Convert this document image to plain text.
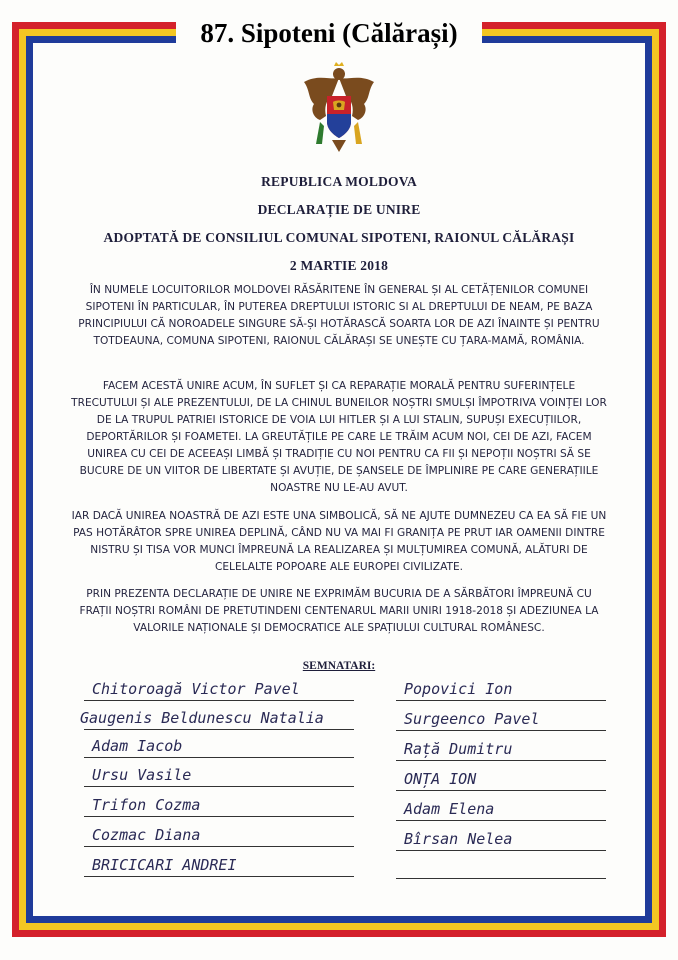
87. Sipoteni (Călărași)
REPUBLICA MOLDOVA
DECLARAȚIE DE UNIRE
ADOPTATĂ DE CONSILIUL COMUNAL SIPOTENI, RAIONUL CĂLĂRAȘI
2 MARTIE 2018
ÎN NUMELE LOCUITORILOR MOLDOVEI RĂSĂRITENE ÎN GENERAL ȘI AL CETĂȚENILOR COMUNEI SIPOTENI ÎN PARTICULAR, ÎN PUTEREA DREPTULUI ISTORIC SI AL DREPTULUI DE NEAM, PE BAZA PRINCIPIULUI CĂ NOROADELE SINGURE SĂ-ȘI HOTĂRASCĂ SOARTA LOR DE AZI ÎNAINTE ȘI PENTRU TOTDEAUNA, COMUNA SIPOTENI, RAIONUL CĂLĂRAȘI SE UNEȘTE CU ȚARA-MAMĂ, ROMÂNIA.
FACEM ACESTĂ UNIRE ACUM, ÎN SUFLET ȘI CA REPARAȚIE MORALĂ PENTRU SUFERINȚELE TRECUTULUI ȘI ALE PREZENTULUI, DE LA CHINUL BUNEILOR NOȘTRI SMULȘI ÎMPOTRIVA VOINȚEI LOR DE LA TRUPUL PATRIEI ISTORICE DE VOIA LUI HITLER ȘI A LUI STALIN, SUPUȘI EXECUȚIILOR, DEPORTĂRILOR ȘI FOAMETEI. LA GREUTĂȚILE PE CARE LE TRĂIM ACUM NOI, CEI DE AZI, FACEM UNIREA CU CEI DE ACEEAȘI LIMBĂ ȘI TRADIȚIE CU NOI PENTRU CA FII ȘI NEPOȚII NOȘTRI SĂ SE BUCURE DE UN VIITOR DE LIBERTATE ȘI AVUȚIE, DE ȘANSELE DE ÎMPLINIRE PE CARE GENERAȚIILE NOASTRE NU LE-AU AVUT.
IAR DACĂ UNIREA NOASTRĂ DE AZI ESTE UNA SIMBOLICĂ, SĂ NE AJUTE DUMNEZEU CA EA SĂ FIE UN PAS HOTĂRÂTOR SPRE UNIREA DEPLINĂ, CÂND NU VA MAI FI GRANIȚA PE PRUT IAR OAMENII DINTRE NISTRU ȘI TISA VOR MUNCI ÎMPREUNĂ LA REALIZAREA ȘI MULȚUMIREA COMUNĂ, ALĂTURI DE CELELALTE POPOARE ALE EUROPEI CIVILIZATE.
PRIN PREZENTA DECLARAȚIE DE UNIRE NE EXPRIMĂM BUCURIA DE A SĂRBĂTORI ÎMPREUNĂ CU FRAȚII NOȘTRI ROMÂNI DE PRETUTINDENI CENTENARUL MARII UNIRI 1918-2018 ȘI ADEZIUNEA LA VALORILE NAȚIONALE ȘI DEMOCRATICE ALE SPAȚIULUI CULTURAL ROMÂNESC.
SEMNATARI:
Chitoroagă Victor Pavel
Gaugenis Beldunescu Natalia
Adam Iacob
Ursu Vasile
Trifon Cozma
Cozmac Diana
BRICICARI ANDREI
Popovici Ion
Surgeenco Pavel
Rață Dumitru
ONȚA ION
Adam Elena
Bîrsan Nelea
